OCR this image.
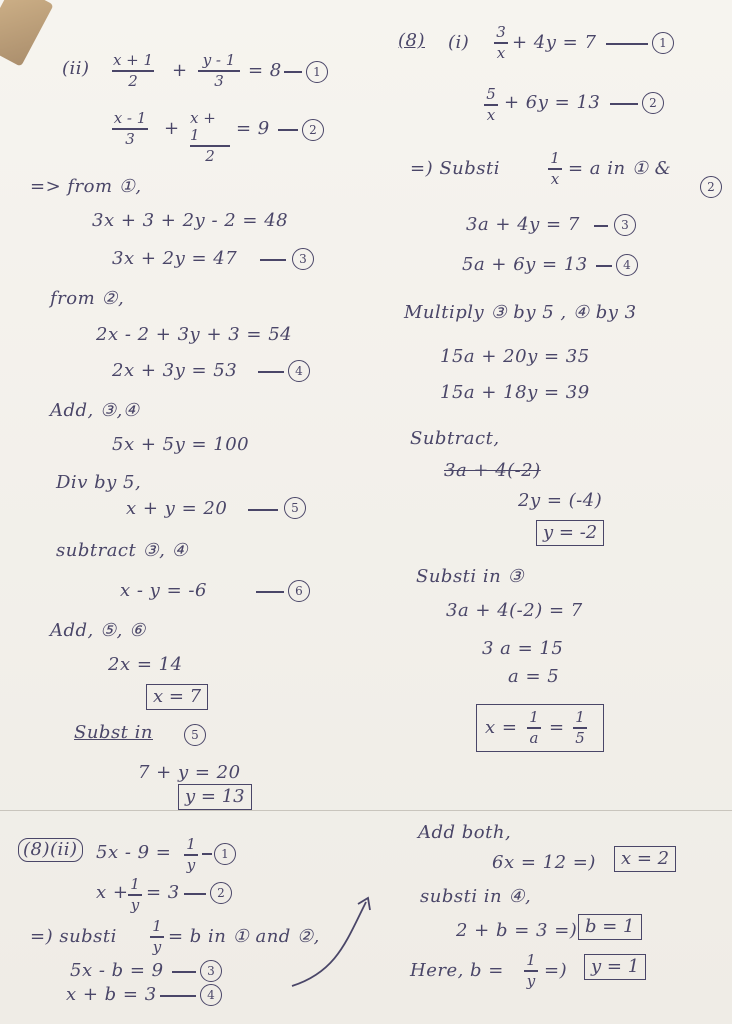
(ii) x + 1
2 + y - 1
3 = 8	1
x - 1
3 + x + 1
2
= 9	2
=> from ①,
3x + 3 + 2y - 2 = 48
3x + 2y = 47	3
from ②,
2x - 2 + 3y + 3 = 54
2x + 3y = 53	4
Add, ③,④
5x + 5y = 100
Div by 5,
x + y = 20	5
subtract ③, ④
x - y = -6	6
Add, ⑤, ⑥
2x = 14
x = 7
Subst in	5
7 + y = 20
y = 13
(8) (i) 3
x + 4y = 7	1
5
x
+ 6y = 13	2
=) Substi	1
x = a in ① &
2
3a + 4y = 7	3
5a + 6y = 13	4
Multiply ③ by 5 , ④ by 3
15a + 20y = 35
15a + 18y = 39
Subtract,
3a + 4(-2)
2y = (-4)
y = -2
Substi in ③
3a + 4(-2) = 7
3 a = 15
a = 5
x = 1
a = 1
5
(8)(ii) 5x - 9 = 1
y
1
x + 1
y
= 3	2
=) substi 1
y = b in ① and ②,
5x - b = 9	3
x + b = 3	4
Add both,
6x = 12 =)	x = 2
substi in ④,
2 + b = 3 =) b = 1
Here, b = 1
y =)	y = 1
